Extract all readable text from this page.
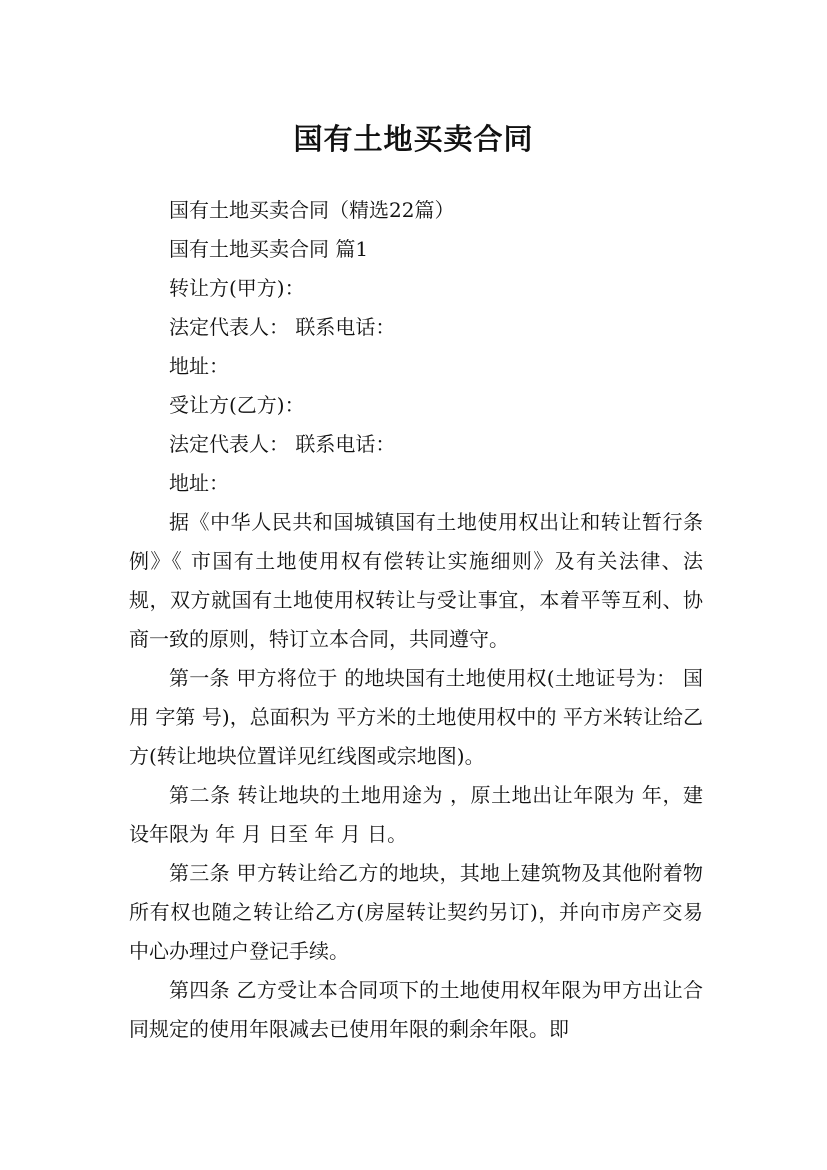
国有土地买卖合同

国有土地买卖合同（精选22篇）

国有土地买卖合同 篇1

转让方(甲方)：

法定代表人： 联系电话：

地址：

受让方(乙方)：

法定代表人： 联系电话：

地址：

据《中华人民共和国城镇国有土地使用权出让和转让暂行条例》《 市国有土地使用权有偿转让实施细则》及有关法律、法规，双方就国有土地使用权转让与受让事宜，本着平等互利、协商一致的原则，特订立本合同，共同遵守。

第一条 甲方将位于 的地块国有土地使用权(土地证号为： 国用 字第 号)，总面积为 平方米的土地使用权中的 平方米转让给乙方(转让地块位置详见红线图或宗地图)。

第二条 转让地块的土地用途为 ，原土地出让年限为 年，建设年限为 年 月 日至 年 月 日。

第三条 甲方转让给乙方的地块，其地上建筑物及其他附着物所有权也随之转让给乙方(房屋转让契约另订)，并向市房产交易中心办理过户登记手续。

第四条 乙方受让本合同项下的土地使用权年限为甲方出让合同规定的使用年限减去已使用年限的剩余年限。即
